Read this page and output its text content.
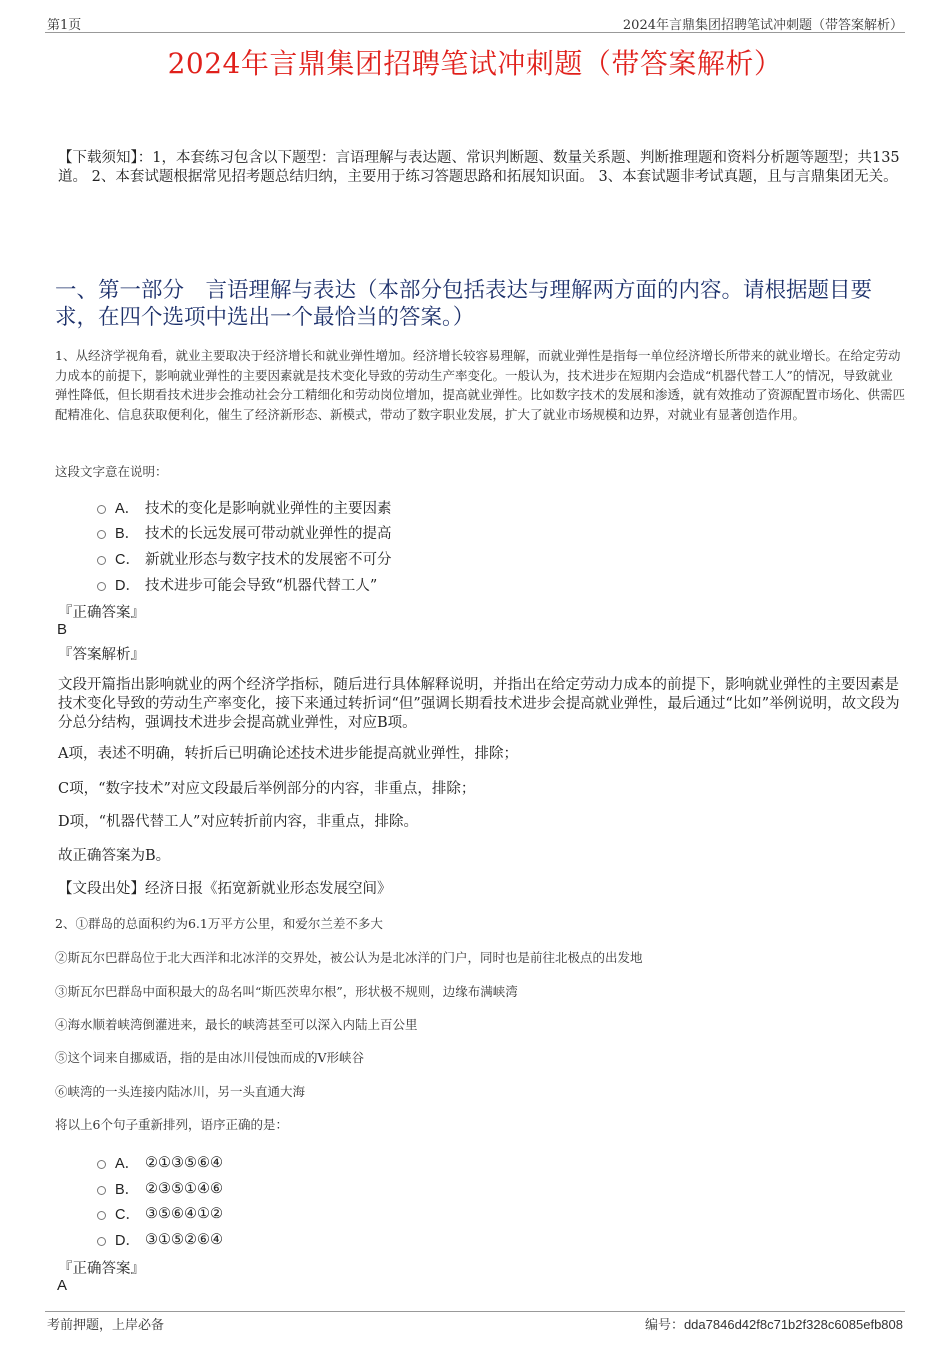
第1页	2024年言鼎集团招聘笔试冲刺题（带答案解析）
2024年言鼎集团招聘笔试冲刺题（带答案解析）
【下载须知】：1，本套练习包含以下题型：言语理解与表达题、常识判断题、数量关系题、判断推理题和资料分析题等题型；共135道。 2、本套试题根据常见招考题总结归纳，主要用于练习答题思路和拓展知识面。 3、本套试题非考试真题，且与言鼎集团无关。
一、第一部分　言语理解与表达（本部分包括表达与理解两方面的内容。请根据题目要求，在四个选项中选出一个最恰当的答案。）
1、从经济学视角看，就业主要取决于经济增长和就业弹性增加。经济增长较容易理解，而就业弹性是指每一单位经济增长所带来的就业增长。在给定劳动力成本的前提下，影响就业弹性的主要因素就是技术变化导致的劳动生产率变化。一般认为，技术进步在短期内会造成“机器代替工人”的情况，导致就业弹性降低，但长期看技术进步会推动社会分工精细化和劳动岗位增加，提高就业弹性。比如数字技术的发展和渗透，就有效推动了资源配置市场化、供需匹配精准化、信息获取便利化，催生了经济新形态、新模式，带动了数字职业发展，扩大了就业市场规模和边界，对就业有显著创造作用。
这段文字意在说明：
A． 技术的变化是影响就业弹性的主要因素
B． 技术的长远发展可带动就业弹性的提高
C． 新就业形态与数字技术的发展密不可分
D． 技术进步可能会导致“机器代替工人”
『正确答案』
B
『答案解析』
文段开篇指出影响就业的两个经济学指标，随后进行具体解释说明，并指出在给定劳动力成本的前提下，影响就业弹性的主要因素是技术变化导致的劳动生产率变化，接下来通过转折词“但”强调长期看技术进步会提高就业弹性，最后通过“比如”举例说明，故文段为分总分结构，强调技术进步会提高就业弹性，对应B项。
A项，表述不明确，转折后已明确论述技术进步能提高就业弹性，排除；
C项，“数字技术”对应文段最后举例部分的内容，非重点，排除；
D项，“机器代替工人”对应转折前内容，非重点，排除。
故正确答案为B。
【文段出处】经济日报《拓宽新就业形态发展空间》
2、①群岛的总面积约为6.1万平方公里，和爱尔兰差不多大
②斯瓦尔巴群岛位于北大西洋和北冰洋的交界处，被公认为是北冰洋的门户，同时也是前往北极点的出发地
③斯瓦尔巴群岛中面积最大的岛名叫“斯匹茨卑尔根”，形状极不规则，边缘布满峡湾
④海水顺着峡湾倒灌进来，最长的峡湾甚至可以深入内陆上百公里
⑤这个词来自挪威语，指的是由冰川侵蚀而成的V形峡谷
⑥峡湾的一头连接内陆冰川，另一头直通大海
将以上6个句子重新排列，语序正确的是：
A． ②①③⑤⑥④
B． ②③⑤①④⑥
C． ③⑤⑥④①②
D． ③①⑤②⑥④
『正确答案』
A
考前押题，上岸必备	编号：dda7846d42f8c71b2f328c6085efb808
